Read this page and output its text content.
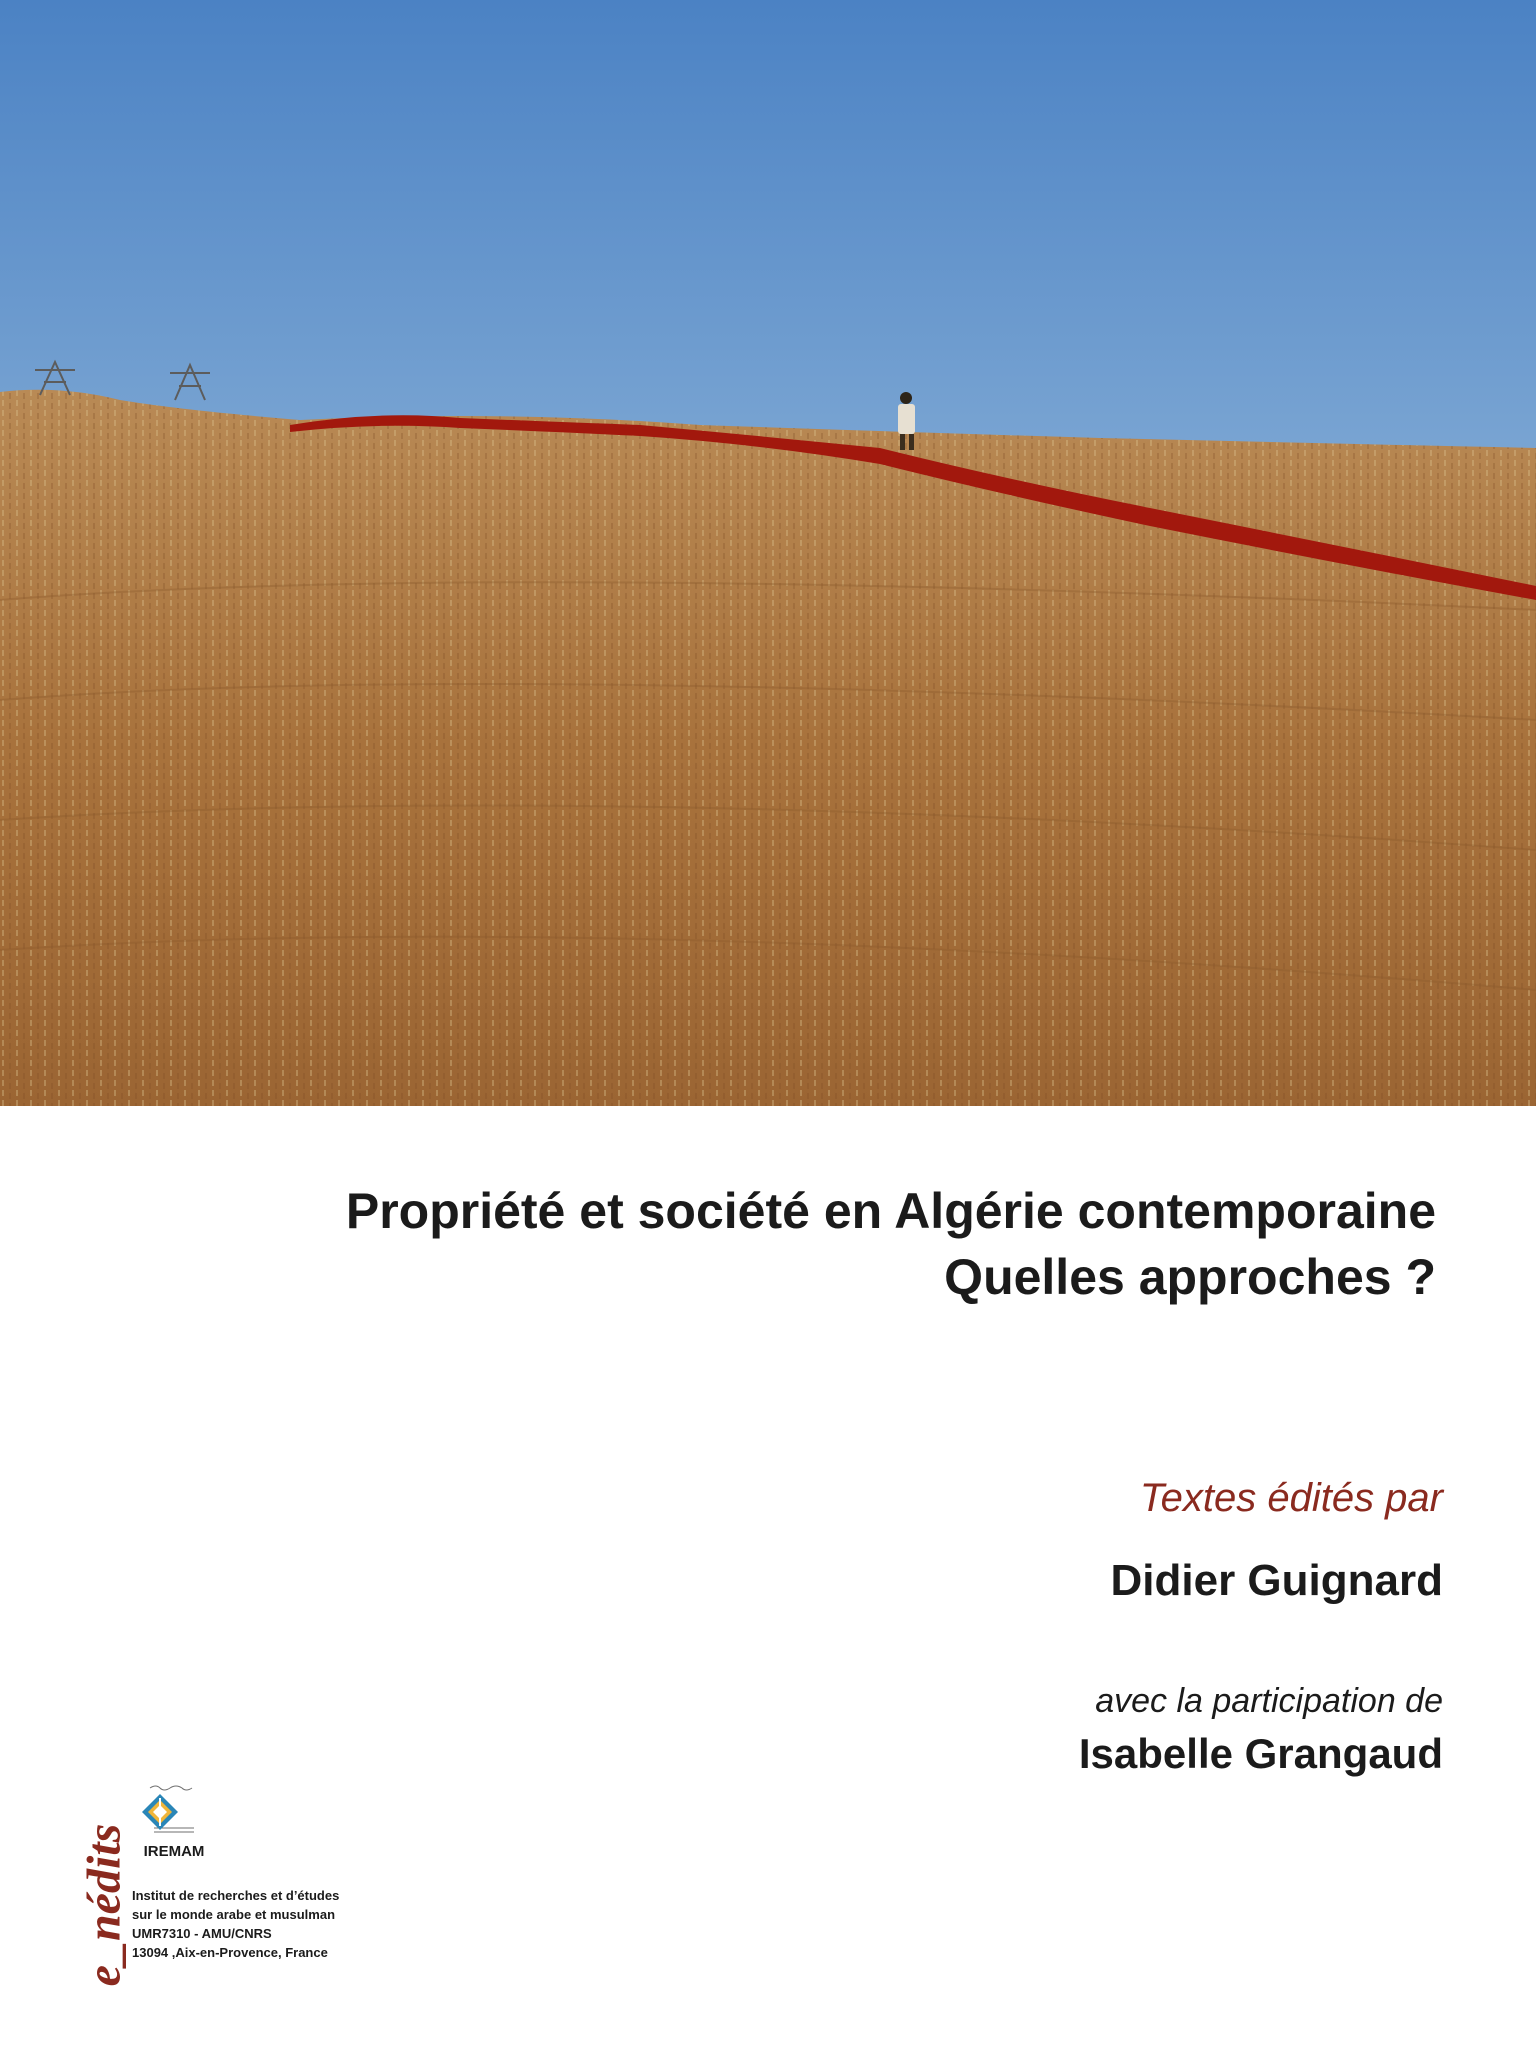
Propriété et société en Algérie contemporaine
Quelles approches ?
Textes édités par
Didier Guignard
avec la participation de
Isabelle Grangaud
e_nédits IREMAM
Institut de recherches et d’études
sur le monde arabe et musulman
UMR7310 - AMU/CNRS
13094 ,Aix-en-Provence, France
